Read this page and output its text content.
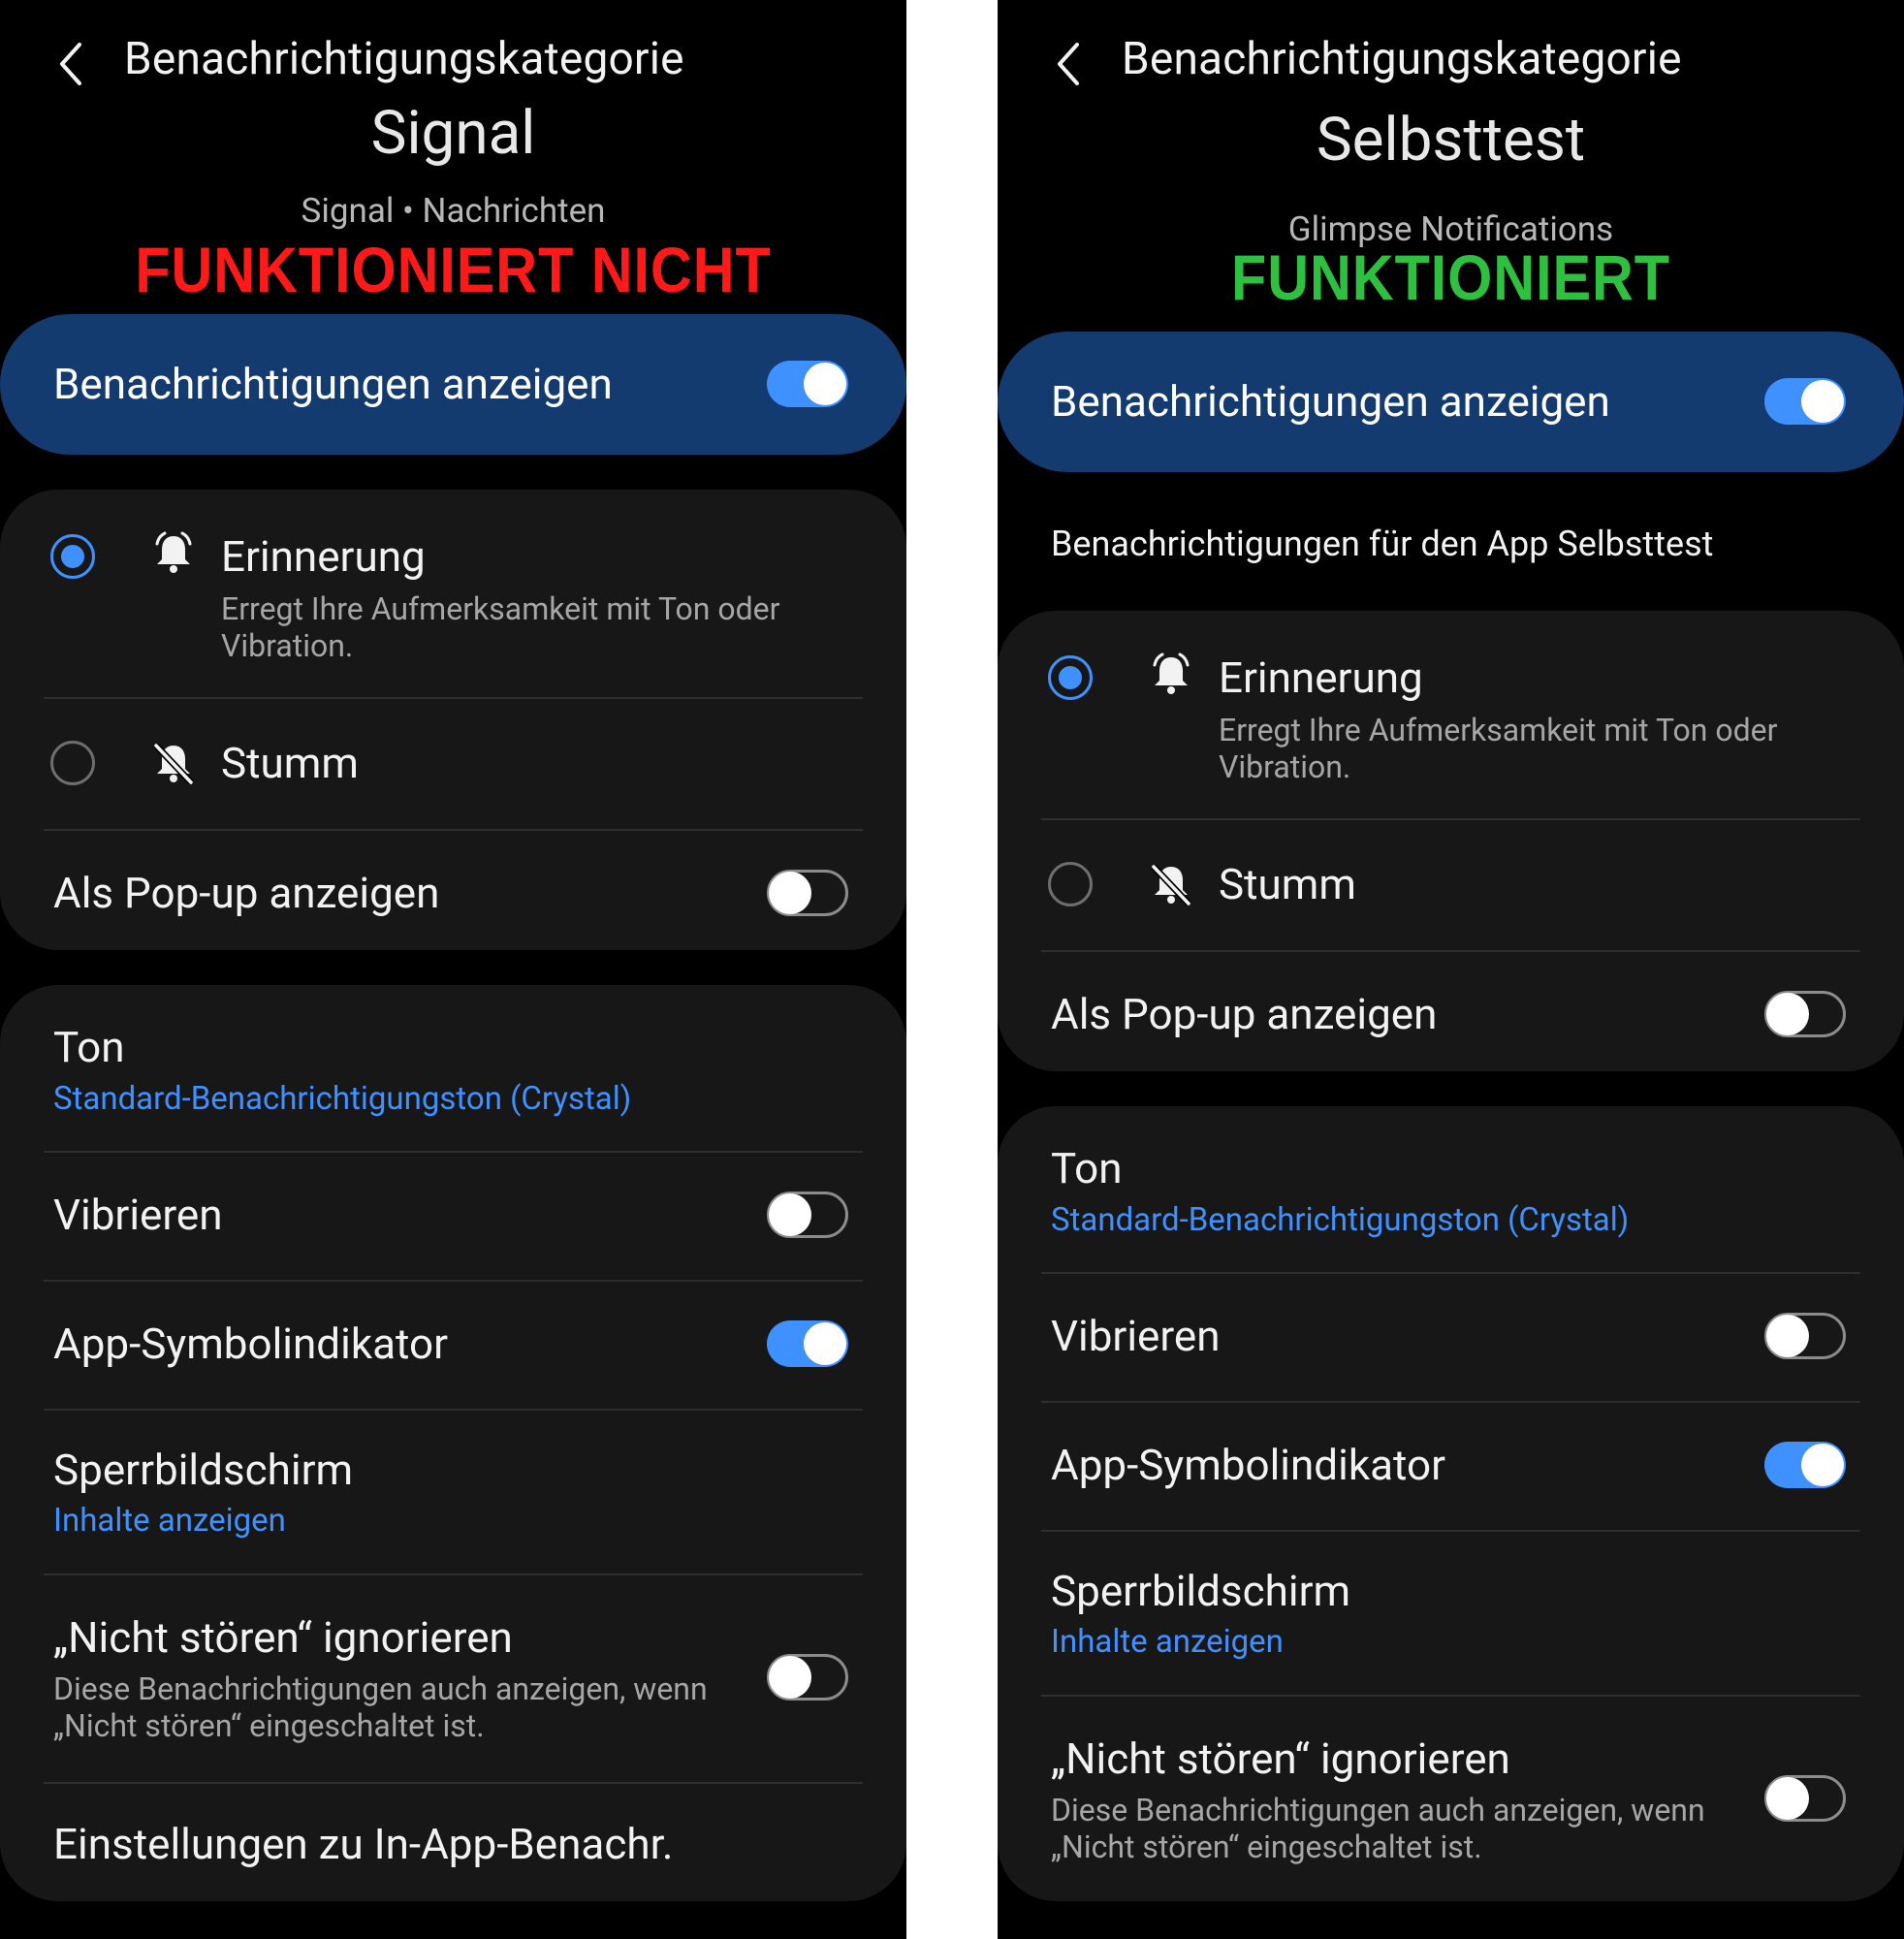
Benachrichtigungskategorie
Signal
Signal • Nachrichten
FUNKTIONIERT NICHT
Benachrichtigungen anzeigen
Erinnerung
Erregt Ihre Aufmerksamkeit mit Ton oder Vibration.
Stumm
Als Pop-up anzeigen
Ton
Standard-Benachrichtigungston (Crystal)
Vibrieren
App-Symbolindikator
Sperrbildschirm
Inhalte anzeigen
„Nicht stören“ ignorieren
Diese Benachrichtigungen auch anzeigen, wenn „Nicht stören“ eingeschaltet ist.
Einstellungen zu In-App-Benachr.
Benachrichtigungskategorie
Selbsttest
Glimpse Notifications
FUNKTIONIERT
Benachrichtigungen anzeigen
Benachrichtigungen für den App Selbsttest
Erinnerung
Erregt Ihre Aufmerksamkeit mit Ton oder Vibration.
Stumm
Als Pop-up anzeigen
Ton
Standard-Benachrichtigungston (Crystal)
Vibrieren
App-Symbolindikator
Sperrbildschirm
Inhalte anzeigen
„Nicht stören“ ignorieren
Diese Benachrichtigungen auch anzeigen, wenn „Nicht stören“ eingeschaltet ist.
